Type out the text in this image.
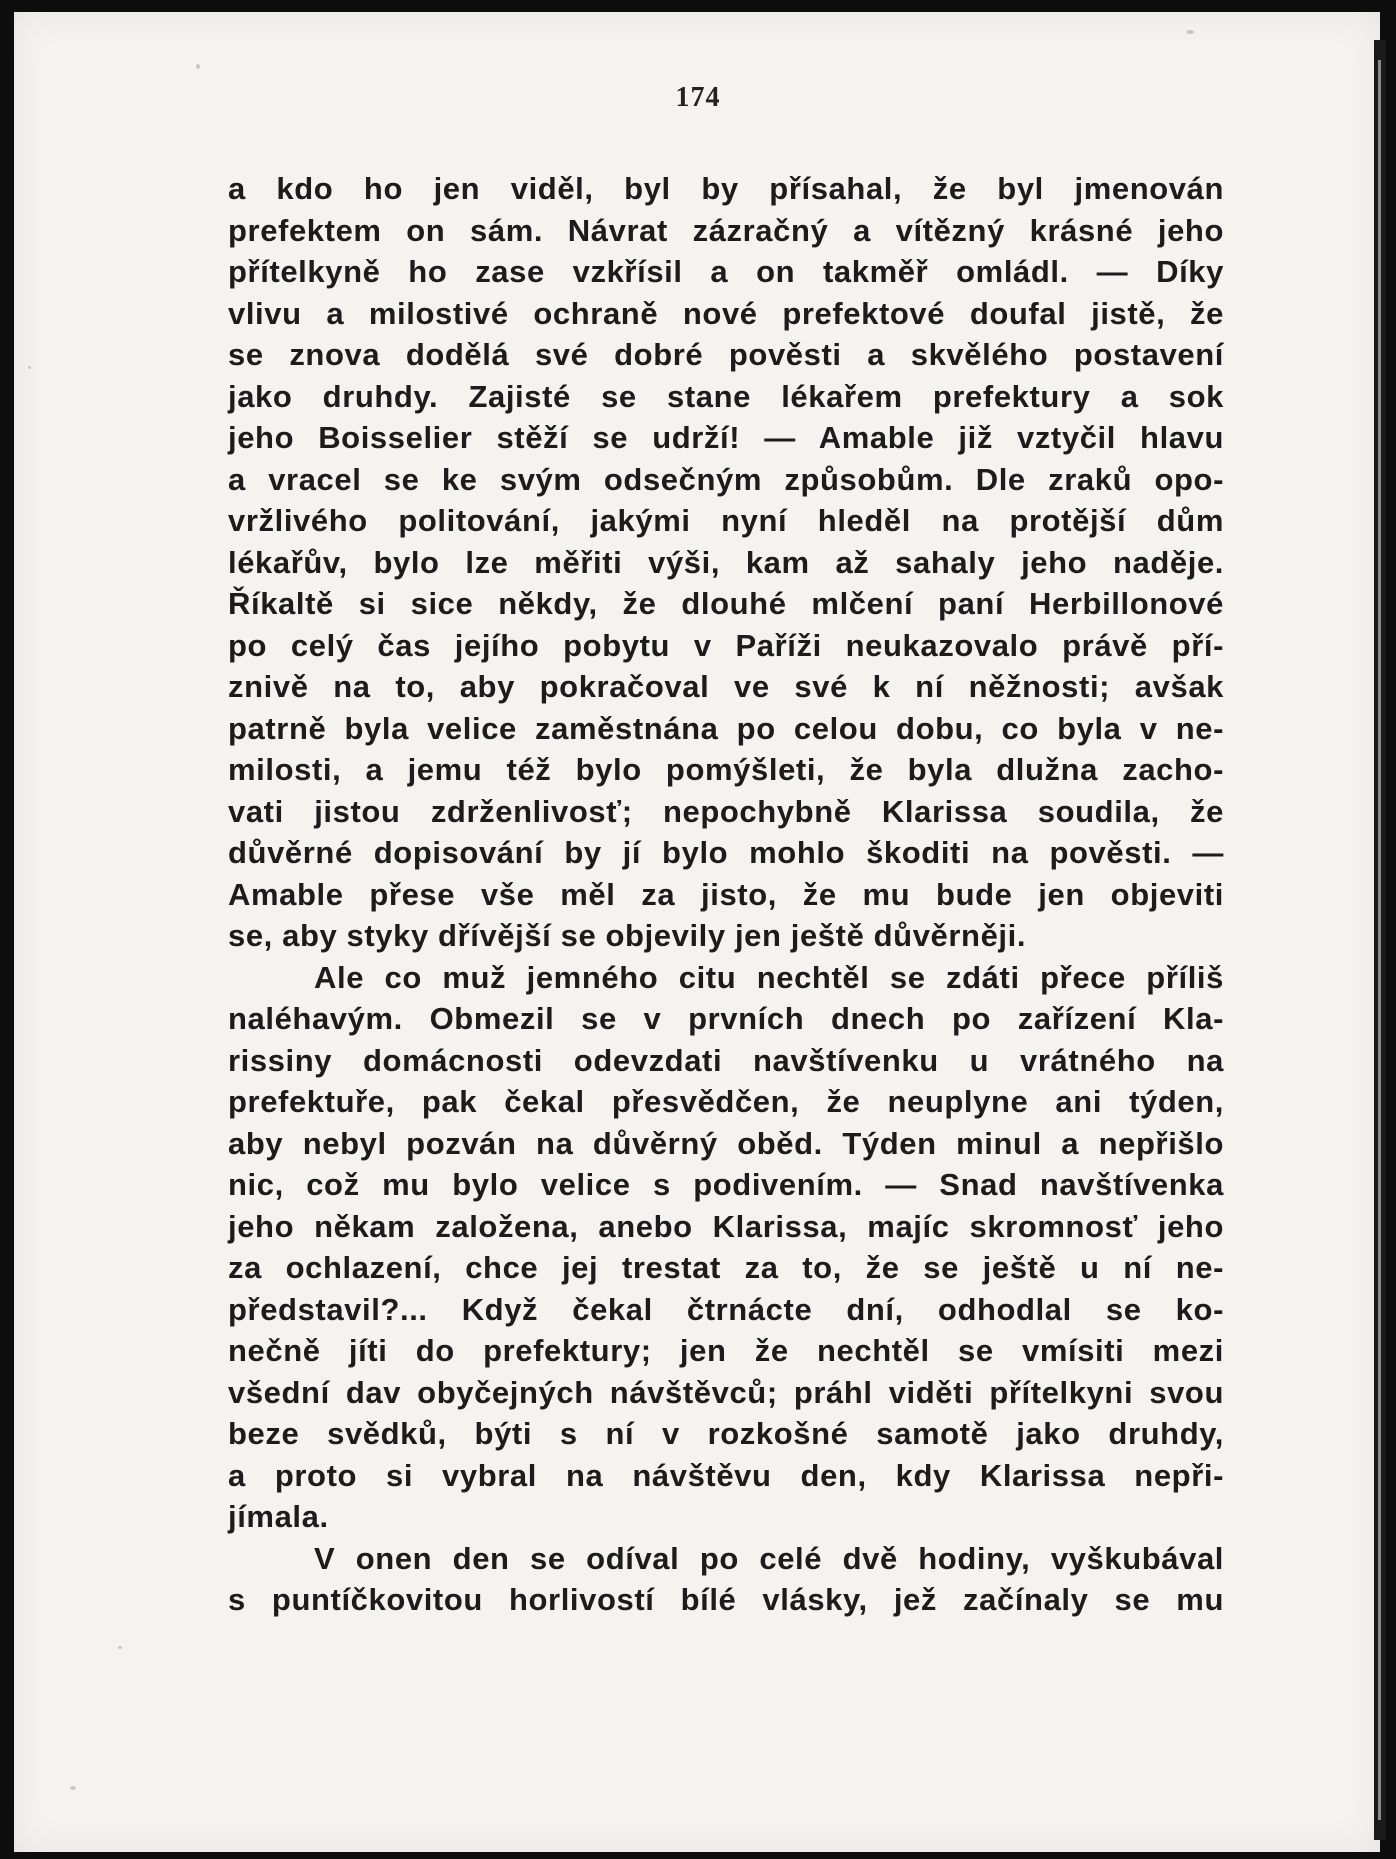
174
a kdo ho jen viděl, byl by přísahal, že byl jmenován
prefektem on sám. Návrat zázračný a vítězný krásné jeho
přítelkyně ho zase vzkřísil a on takměř omládl. — Díky
vlivu a milostivé ochraně nové prefektové doufal jistě, že
se znova dodělá své dobré pověsti a skvělého postavení
jako druhdy. Zajisté se stane lékařem prefektury a sok
jeho Boisselier stěží se udrží! — Amable již vztyčil hlavu
a vracel se ke svým odsečným způsobům. Dle zraků opo-
vržlivého politování, jakými nyní hleděl na protější dům
lékařův, bylo lze měřiti výši, kam až sahaly jeho naděje.
Říkaltě si sice někdy, že dlouhé mlčení paní Herbillonové
po celý čas jejího pobytu v Paříži neukazovalo právě pří-
znivě na to, aby pokračoval ve své k ní něžnosti; avšak
patrně byla velice zaměstnána po celou dobu, co byla v ne-
milosti, a jemu též bylo pomýšleti, že byla dlužna zacho-
vati jistou zdrženlivosť; nepochybně Klarissa soudila, že
důvěrné dopisování by jí bylo mohlo škoditi na pověsti. —
Amable přese vše měl za jisto, že mu bude jen objeviti
se, aby styky dřívější se objevily jen ještě důvěrněji.
Ale co muž jemného citu nechtěl se zdáti přece příliš
naléhavým. Obmezil se v prvních dnech po zařízení Kla-
rissiny domácnosti odevzdati navštívenku u vrátného na
prefektuře, pak čekal přesvědčen, že neuplyne ani týden,
aby nebyl pozván na důvěrný oběd. Týden minul a nepřišlo
nic, což mu bylo velice s podivením. — Snad navštívenka
jeho někam založena, anebo Klarissa, majíc skromnosť jeho
za ochlazení, chce jej trestat za to, že se ještě u ní ne-
představil?... Když čekal čtrnácte dní, odhodlal se ko-
nečně jíti do prefektury; jen že nechtěl se vmísiti mezi
všední dav obyčejných návštěvců; práhl viděti přítelkyni svou
beze svědků, býti s ní v rozkošné samotě jako druhdy,
a proto si vybral na návštěvu den, kdy Klarissa nepři-
jímala.
V onen den se odíval po celé dvě hodiny, vyškubával
s puntíčkovitou horlivostí bílé vlásky, jež začínaly se mu
